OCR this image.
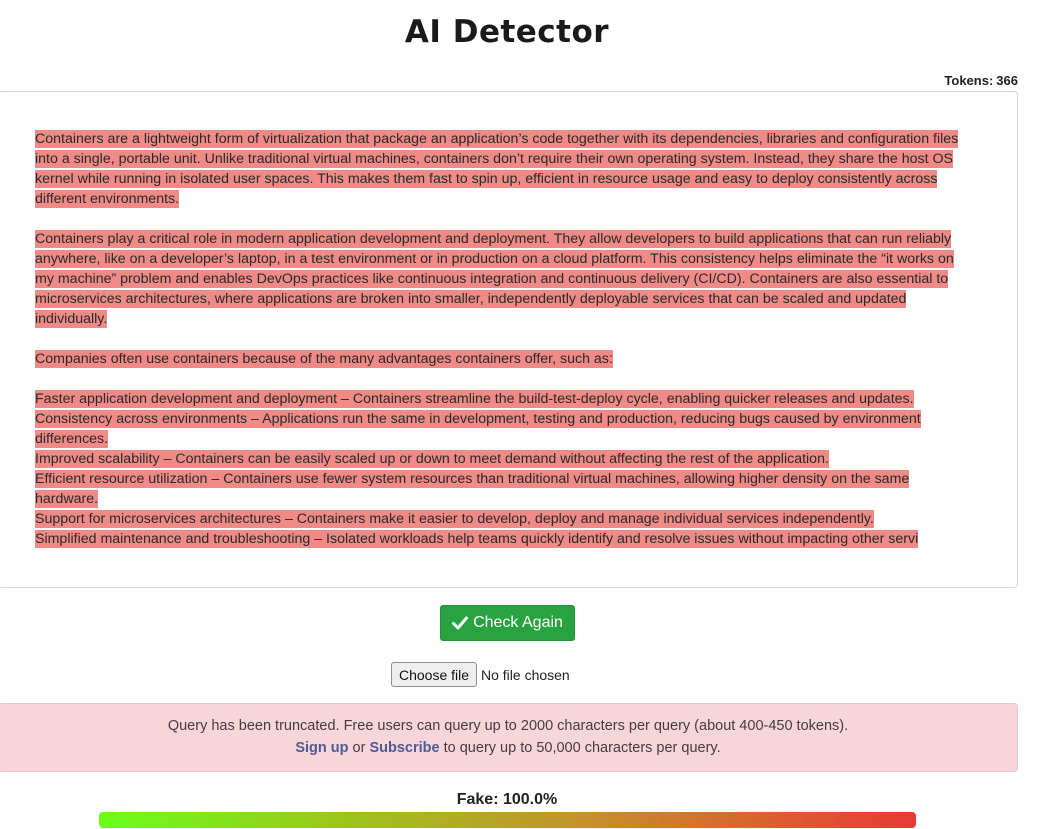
AI Detector
Tokens: 366

Containers are a lightweight form of virtualization that package an application’s code together with its dependencies, libraries and configuration files into a single, portable unit. Unlike traditional virtual machines, containers don’t require their own operating system. Instead, they share the host OS kernel while running in isolated user spaces. This makes them fast to spin up, efficient in resource usage and easy to deploy consistently across different environments.

Containers play a critical role in modern application development and deployment. They allow developers to build applications that can run reliably anywhere, like on a developer’s laptop, in a test environment or in production on a cloud platform. This consistency helps eliminate the “it works on my machine” problem and enables DevOps practices like continuous integration and continuous delivery (CI/CD). Containers are also essential to microservices architectures, where applications are broken into smaller, independently deployable services that can be scaled and updated individually.

Companies often use containers because of the many advantages containers offer, such as:

Faster application development and deployment – Containers streamline the build-test-deploy cycle, enabling quicker releases and updates.

Consistency across environments – Applications run the same in development, testing and production, reducing bugs caused by environment differences.

Improved scalability – Containers can be easily scaled up or down to meet demand without affecting the rest of the application.

Efficient resource utilization – Containers use fewer system resources than traditional virtual machines, allowing higher density on the same hardware.

Support for microservices architectures – Containers make it easier to develop, deploy and manage individual services independently.

Simplified maintenance and troubleshooting – Isolated workloads help teams quickly identify and resolve issues without impacting other servi

Check Again
Choose file No file chosen
Query has been truncated. Free users can query up to 2000 characters per query (about 400-450 tokens).
Sign up or Subscribe to query up to 50,000 characters per query.
Fake: 100.0%
